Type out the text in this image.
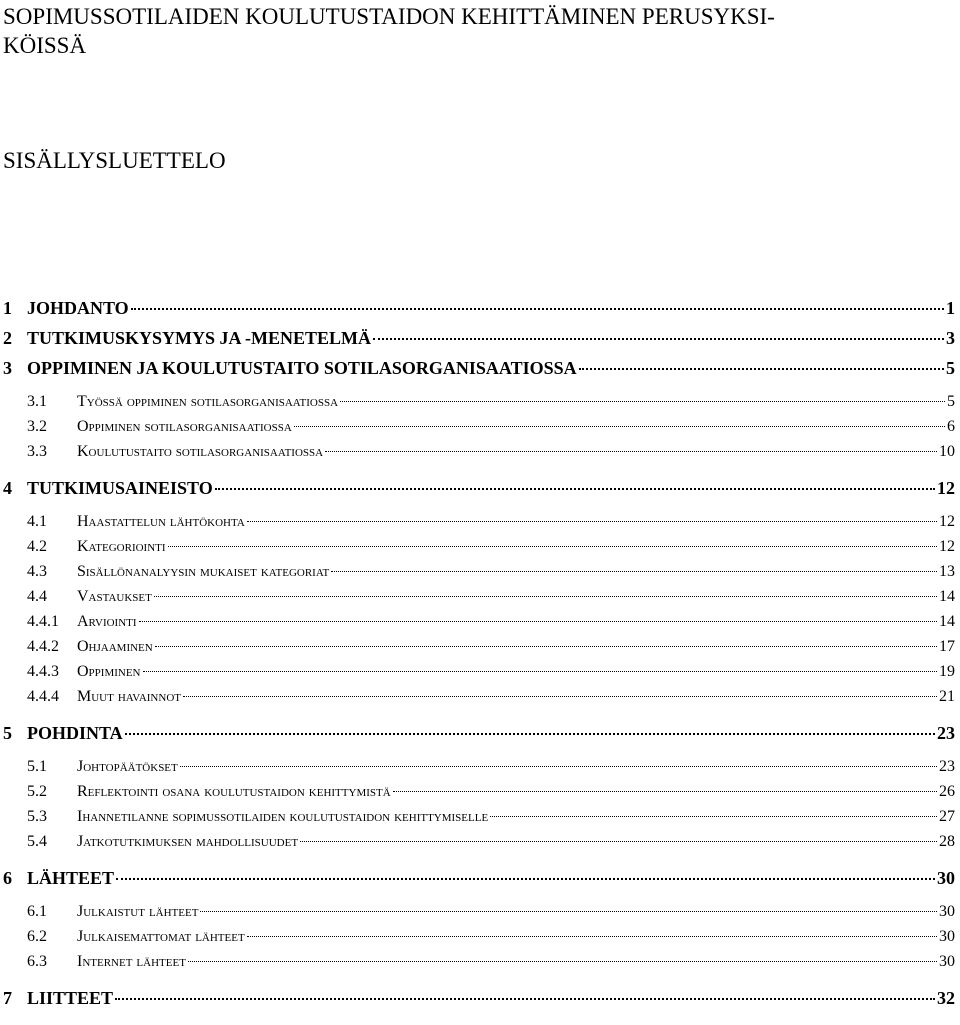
SOPIMUSSOTILAIDEN KOULUTUSTAIDON KEHITTÄMINEN PERUSYKSI-
KÖISSÄ
SISÄLLYSLUETTELO
1 JOHDANTO	1
2 TUTKIMUSKYSYMYS JA -MENETELMÄ	3
3 OPPIMINEN JA KOULUTUSTAITO SOTILASORGANISAATIOSSA	5
3.1	Työssä oppiminen sotilasorganisaatiossa	5
3.2	Oppiminen sotilasorganisaatiossa	6
3.3	Koulutustaito sotilasorganisaatiossa	10
4 TUTKIMUSAINEISTO	12
4.1	Haastattelun lähtökohta	12
4.2	Kategoriointi	12
4.3	Sisällönanalyysin mukaiset kategoriat	13
4.4	Vastaukset	14
4.4.1	Arviointi	14
4.4.2	Ohjaaminen	17
4.4.3	Oppiminen	19
4.4.4	Muut havainnot	21
5 POHDINTA	23
5.1	Johtopäätökset	23
5.2	Reflektointi osana koulutustaidon kehittymistä	26
5.3	Ihannetilanne sopimussotilaiden koulutustaidon kehittymiselle	27
5.4	Jatkotutkimuksen mahdollisuudet	28
6 LÄHTEET	30
6.1	Julkaistut lähteet	30
6.2	Julkaisemattomat lähteet	30
6.3	Internet lähteet	30
7 LIITTEET	32
